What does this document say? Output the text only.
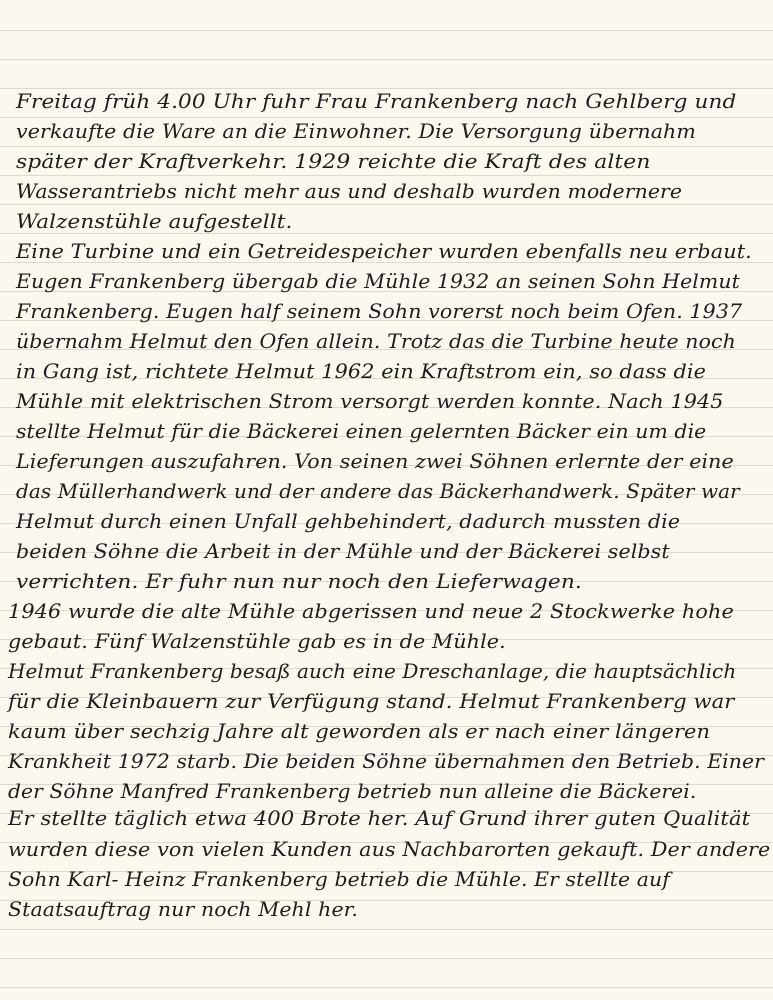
Freitag früh 4.00 Uhr fuhr Frau Frankenberg nach Gehlberg und
verkaufte die Ware an die Einwohner. Die Versorgung übernahm
später der Kraftverkehr. 1929 reichte die Kraft des alten
Wasserantriebs nicht mehr aus und deshalb wurden modernere
Walzenstühle aufgestellt.
Eine Turbine und ein Getreidespeicher wurden ebenfalls neu erbaut.
Eugen Frankenberg übergab die Mühle 1932 an seinen Sohn Helmut
Frankenberg. Eugen half seinem Sohn vorerst noch beim Ofen. 1937
übernahm Helmut den Ofen allein. Trotz das die Turbine heute noch
in Gang ist, richtete Helmut 1962 ein Kraftstrom ein, so dass die
Mühle mit elektrischen Strom versorgt werden konnte. Nach 1945
stellte Helmut für die Bäckerei einen gelernten Bäcker ein um die
Lieferungen auszufahren. Von seinen zwei Söhnen erlernte der eine
das Müllerhandwerk und der andere das Bäckerhandwerk. Später war
Helmut durch einen Unfall gehbehindert, dadurch mussten die
beiden Söhne die Arbeit in der Mühle und der Bäckerei selbst
verrichten. Er fuhr nun nur noch den Lieferwagen.
1946 wurde die alte Mühle abgerissen und neue 2 Stockwerke hohe
gebaut. Fünf Walzenstühle gab es in de Mühle.
Helmut Frankenberg besaß auch eine Dreschanlage, die hauptsächlich
für die Kleinbauern zur Verfügung stand. Helmut Frankenberg war
kaum über sechzig Jahre alt geworden als er nach einer längeren
Krankheit 1972 starb. Die beiden Söhne übernahmen den Betrieb. Einer
der Söhne Manfred Frankenberg betrieb nun alleine die Bäckerei.
Er stellte täglich etwa 400 Brote her. Auf Grund ihrer guten Qualität
wurden diese von vielen Kunden aus Nachbarorten gekauft. Der andere
Sohn Karl- Heinz Frankenberg betrieb die Mühle. Er stellte auf
Staatsauftrag nur noch Mehl her.
